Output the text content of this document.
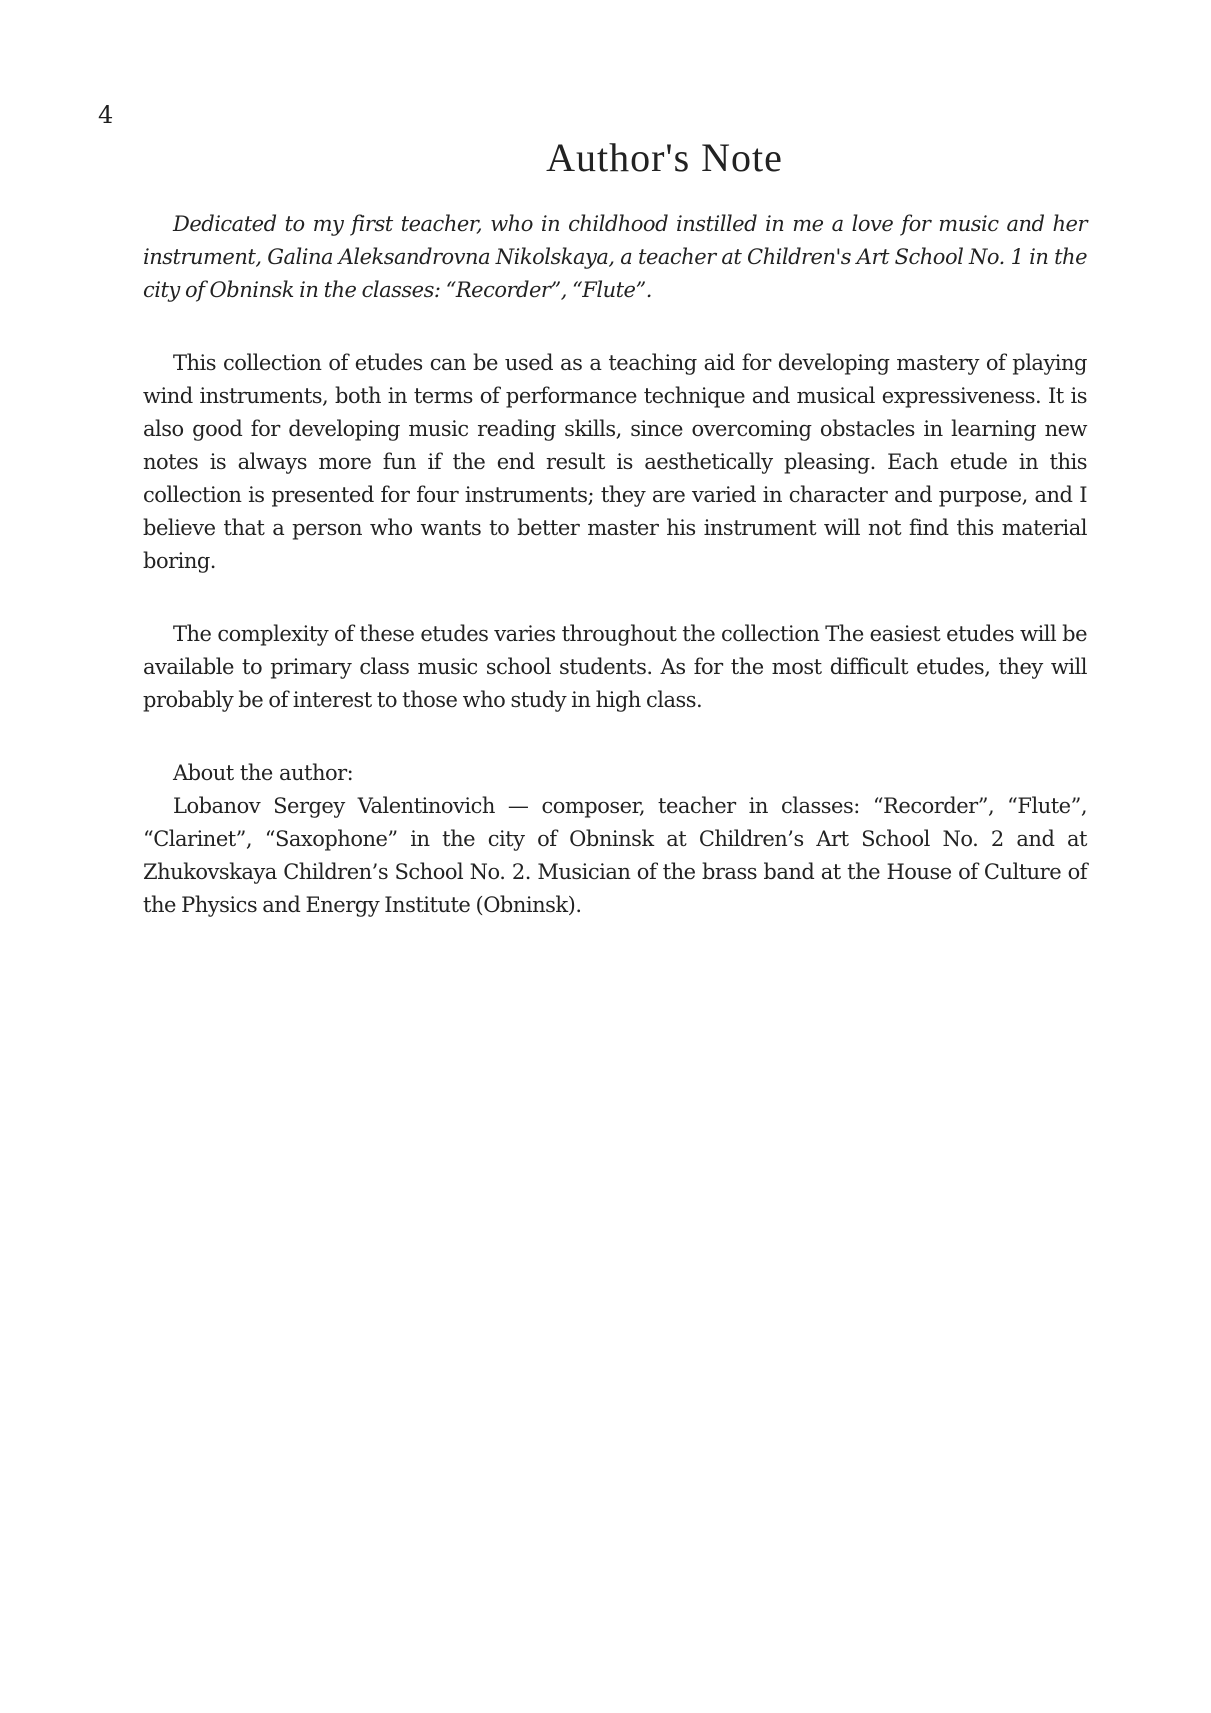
4
Author's Note

Dedicated to my first teacher, who in childhood instilled in me a love for music and her instrument, Galina Aleksandrovna Nikolskaya, a teacher at Children's Art School No. 1 in the city of Obninsk in the classes: “Recorder”, “Flute”.

This collection of etudes can be used as a teaching aid for developing mastery of playing wind instruments, both in terms of performance technique and musical expressiveness. It is also good for developing music reading skills, since overcoming obstacles in learning new notes is always more fun if the end result is aesthetically pleasing. Each etude in this collection is presented for four instruments; they are varied in character and purpose, and I believe that a person who wants to better master his instrument will not find this material boring.

The complexity of these etudes varies throughout the collection The easiest etudes will be available to primary class music school students. As for the most difficult etudes, they will probably be of interest to those who study in high class.

About the author:

Lobanov Sergey Valentinovich — composer, teacher in classes: “Recorder”, “Flute”, “Clarinet”, “Saxophone” in the city of Obninsk at Children’s Art School No. 2 and at Zhukovskaya Children’s School No. 2. Musician of the brass band at the House of Culture of the Physics and Energy Institute (Obninsk).
